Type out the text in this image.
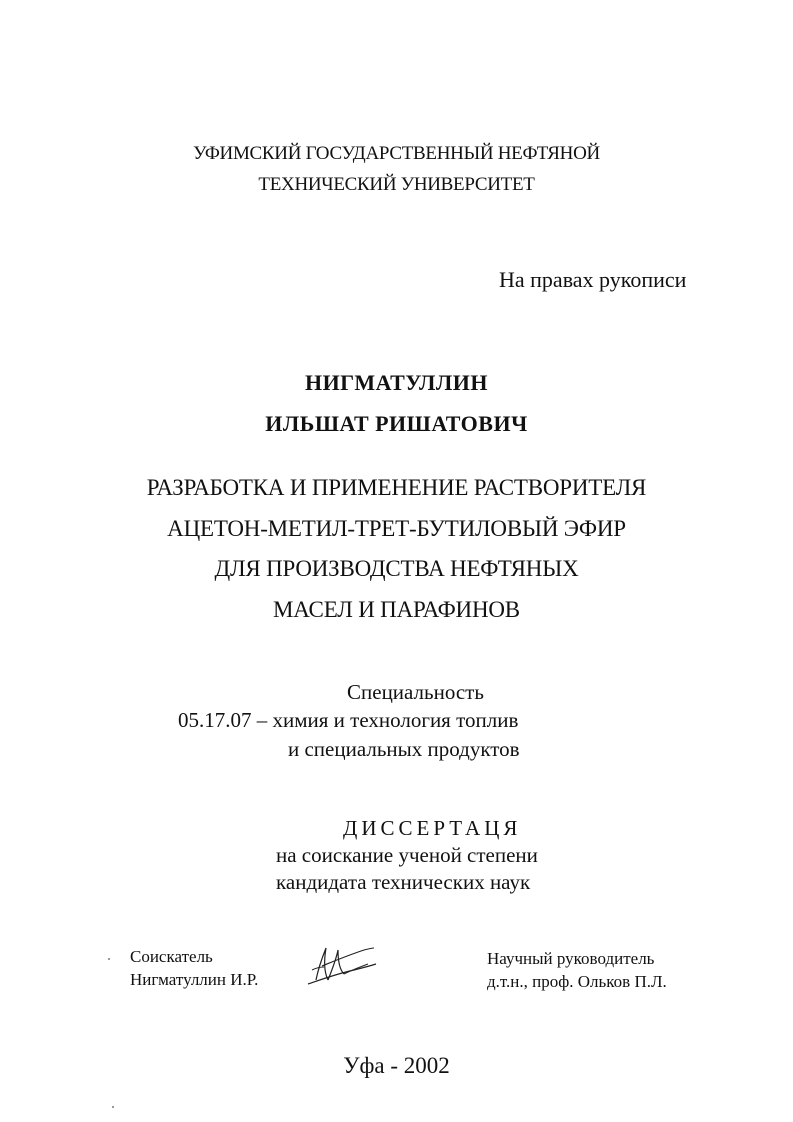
УФИМСКИЙ ГОСУДАРСТВЕННЫЙ НЕФТЯНОЙ
ТЕХНИЧЕСКИЙ УНИВЕРСИТЕТ
На правах рукописи
НИГМАТУЛЛИН
ИЛЬШАТ РИШАТОВИЧ
РАЗРАБОТКА И ПРИМЕНЕНИЕ РАСТВОРИТЕЛЯ
АЦЕТОН-МЕТИЛ-ТРЕТ-БУТИЛОВЫЙ ЭФИР
ДЛЯ ПРОИЗВОДСТВА НЕФТЯНЫХ
МАСЕЛ И ПАРАФИНОВ
Специальность
05.17.07 – химия и технология топлив
и специальных продуктов
ДИССЕРТАЦЯ
на соискание ученой степени
кандидата технических наук
Соискатель
Нигматуллин И.Р.
Научный руководитель
д.т.н., проф. Ольков П.Л.
Уфа - 2002
